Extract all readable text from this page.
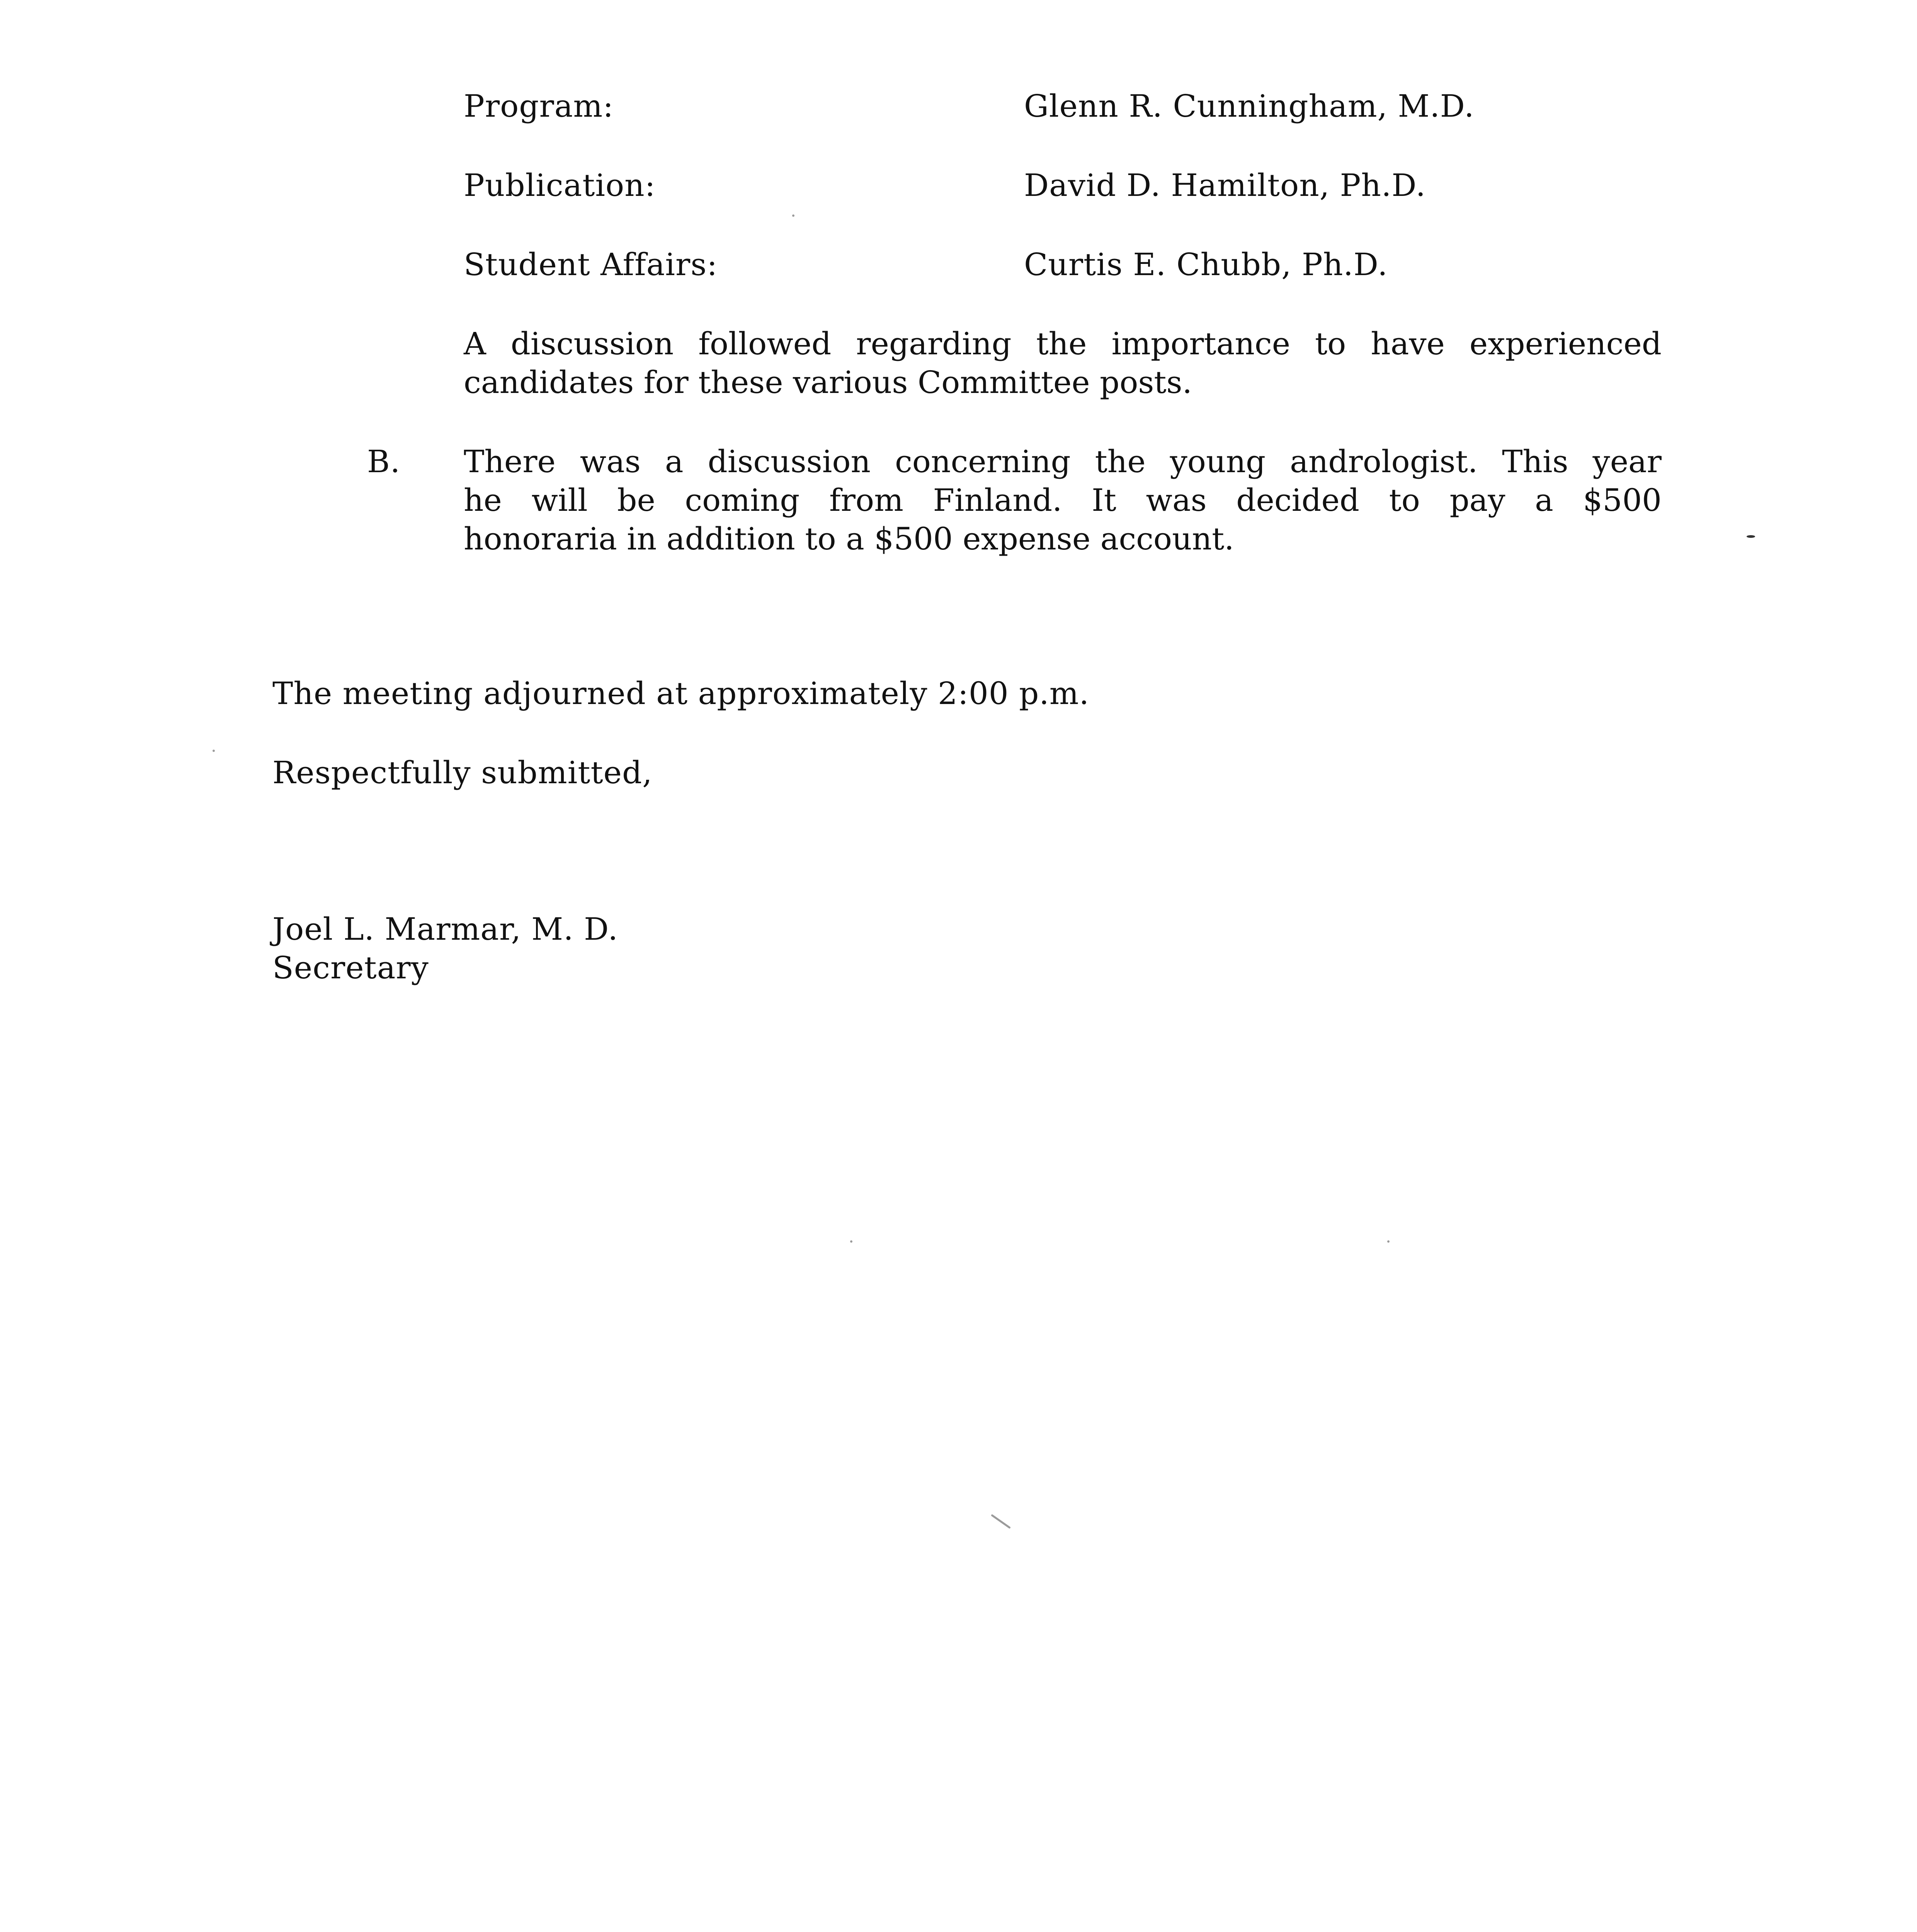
Program:	Glenn R. Cunningham, M.D.
Publication:	David D. Hamilton, Ph.D.
Student Affairs:	Curtis E. Chubb, Ph.D.
A discussion followed regarding the importance to have experienced
candidates for these various Committee posts.
B. There was a discussion concerning the young andrologist. This year
he will be coming from Finland. It was decided to pay a $500
honoraria in addition to a $500 expense account.
The meeting adjourned at approximately 2:00 p.m.
Respectfully submitted,
Joel L. Marmar, M. D.
Secretary
